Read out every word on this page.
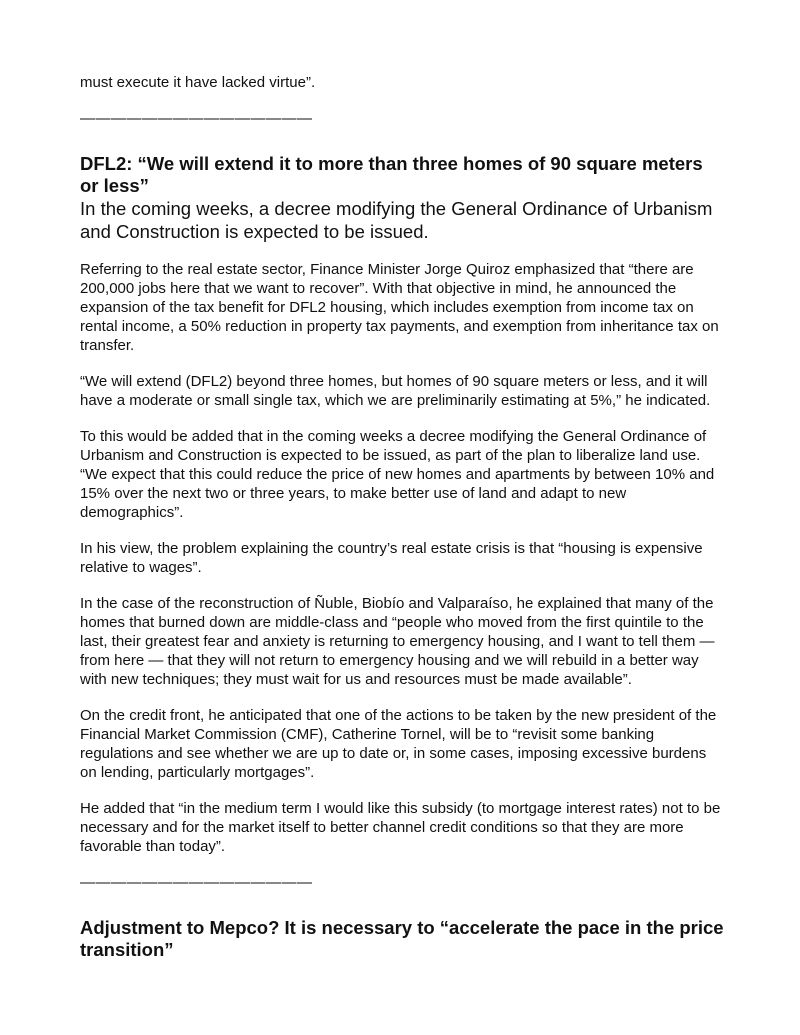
must execute it have lacked virtue”.

———————————————

DFL2: “We will extend it to more than three homes of 90 square meters or less”

In the coming weeks, a decree modifying the General Ordinance of Urbanism and Construction is expected to be issued.

Referring to the real estate sector, Finance Minister Jorge Quiroz emphasized that “there are 200,000 jobs here that we want to recover”. With that objective in mind, he announced the expansion of the tax benefit for DFL2 housing, which includes exemption from income tax on rental income, a 50% reduction in property tax payments, and exemption from inheritance tax on transfer.

“We will extend (DFL2) beyond three homes, but homes of 90 square meters or less, and it will have a moderate or small single tax, which we are preliminarily estimating at 5%,” he indicated.

To this would be added that in the coming weeks a decree modifying the General Ordinance of Urbanism and Construction is expected to be issued, as part of the plan to liberalize land use. “We expect that this could reduce the price of new homes and apartments by between 10% and 15% over the next two or three years, to make better use of land and adapt to new demographics”.

In his view, the problem explaining the country’s real estate crisis is that “housing is expensive relative to wages”.

In the case of the reconstruction of Ñuble, Biobío and Valparaíso, he explained that many of the homes that burned down are middle-class and “people who moved from the first quintile to the last, their greatest fear and anxiety is returning to emergency housing, and I want to tell them — from here — that they will not return to emergency housing and we will rebuild in a better way with new techniques; they must wait for us and resources must be made available”.

On the credit front, he anticipated that one of the actions to be taken by the new president of the Financial Market Commission (CMF), Catherine Tornel, will be to “revisit some banking regulations and see whether we are up to date or, in some cases, imposing excessive burdens on lending, particularly mortgages”.

He added that “in the medium term I would like this subsidy (to mortgage interest rates) not to be necessary and for the market itself to better channel credit conditions so that they are more favorable than today”.

———————————————

Adjustment to Mepco? It is necessary to “accelerate the pace in the price transition”
